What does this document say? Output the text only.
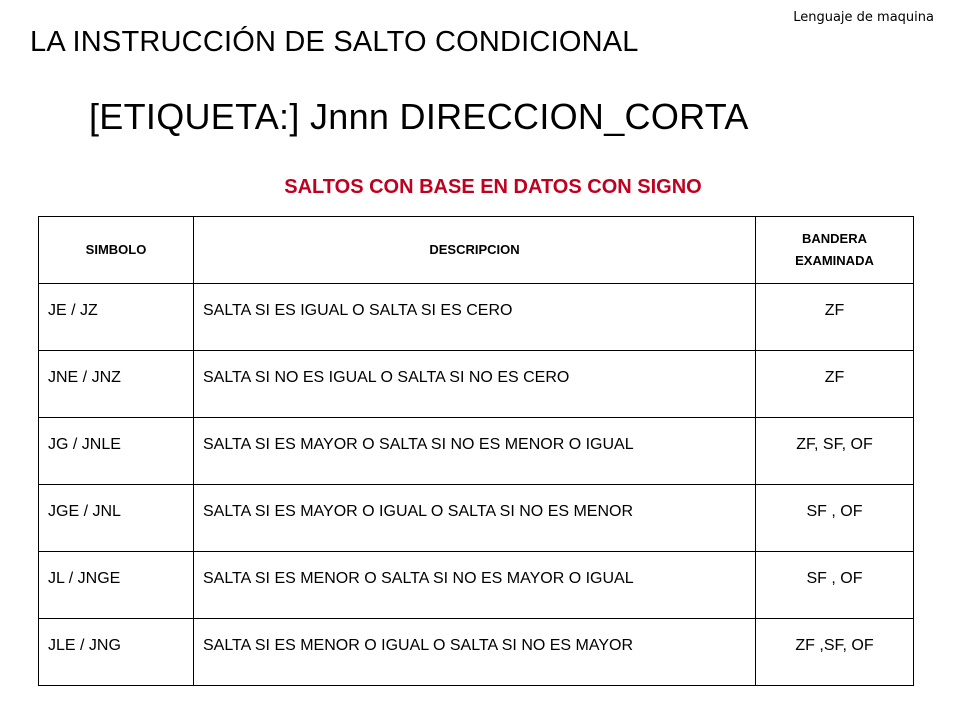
Lenguaje de maquina
LA INSTRUCCIÓN DE SALTO CONDICIONAL
[ETIQUETA:] Jnnn DIRECCION_CORTA
SALTOS CON BASE EN DATOS CON SIGNO
SIMBOLO	DESCRIPCION	BANDERA EXAMINADA
JE / JZ	SALTA SI ES IGUAL O SALTA SI ES CERO	ZF
JNE / JNZ	SALTA SI NO ES IGUAL O SALTA SI NO ES CERO	ZF
JG / JNLE	SALTA SI ES MAYOR O SALTA SI NO ES MENOR O IGUAL	ZF, SF, OF
JGE / JNL	SALTA SI ES MAYOR O IGUAL O SALTA SI NO ES MENOR	SF , OF
JL / JNGE	SALTA SI ES MENOR O SALTA SI NO ES MAYOR O IGUAL	SF , OF
JLE / JNG	SALTA SI ES MENOR O IGUAL O SALTA SI NO ES MAYOR	ZF ,SF, OF
